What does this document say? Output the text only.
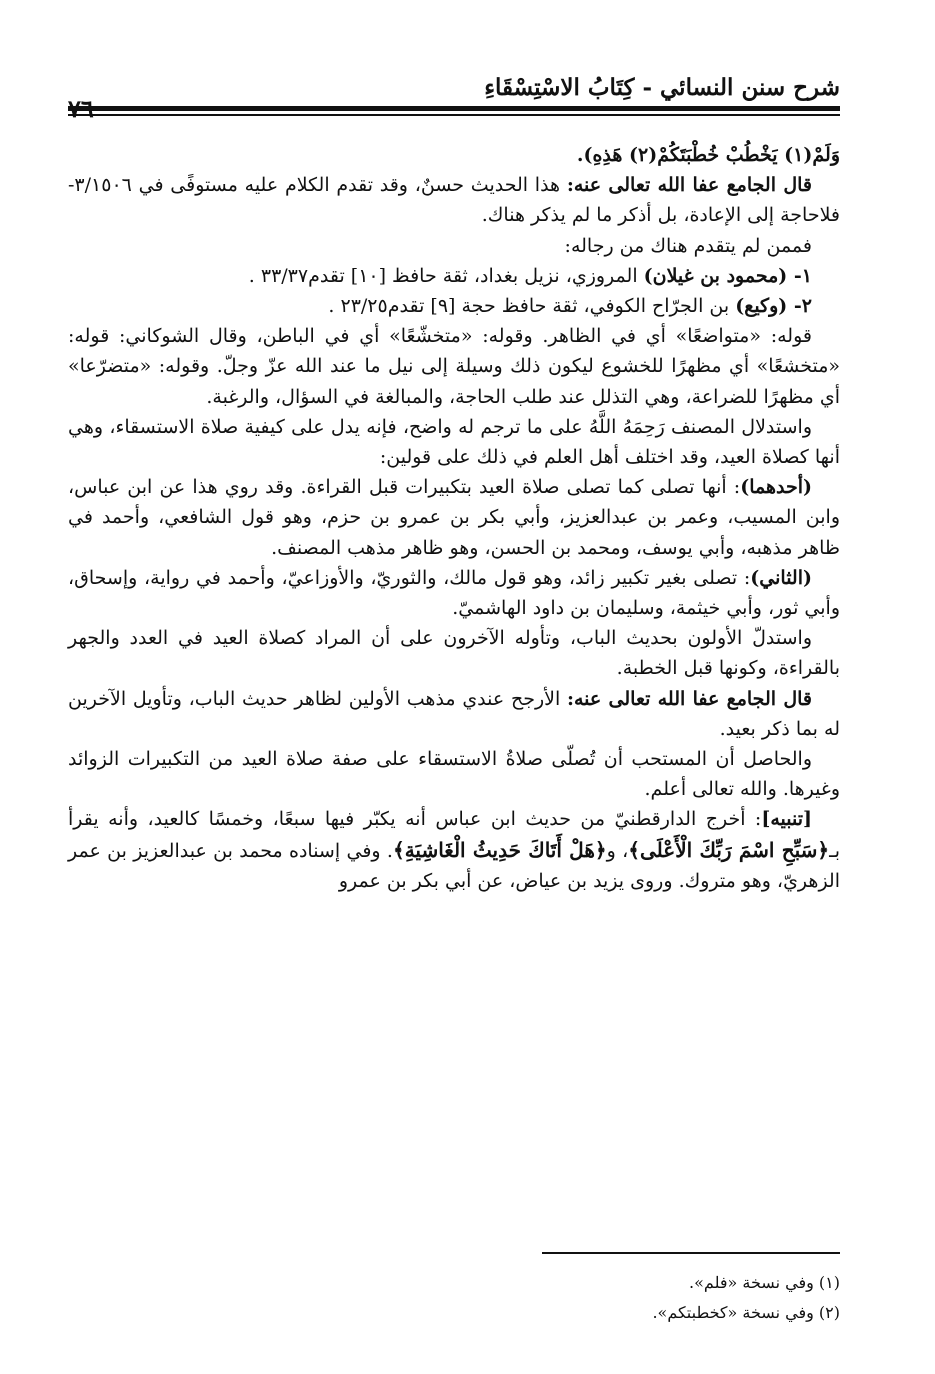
شرح سنن النسائي - كِتَابُ الاسْتِسْقَاءِ

وَلَمْ(١) يَخْطُبْ خُطْبَتَكُمْ(٢) هَذِهِ).

قال الجامع عفا الله تعالى عنه: هذا الحديث حسنٌ، وقد تقدم الكلام عليه مستوفًى في ٣/١٥٠٦- فلاحاجة إلى الإعادة، بل أذكر ما لم يذكر هناك.

فممن لم يتقدم هناك من رجاله:

١- (محمود بن غيلان) المروزي، نزيل بغداد، ثقة حافظ [١٠] تقدم٣٣/٣٧ .

٢- (وكيع) بن الجرّاح الكوفي، ثقة حافظ حجة [٩] تقدم٢٣/٢٥ .

قوله: «متواضعًا» أي في الظاهر. وقوله: «متخشّعًا» أي في الباطن، وقال الشوكاني: قوله: «متخشعًا» أي مظهرًا للخشوع ليكون ذلك وسيلة إلى نيل ما عند الله عزّ وجلّ. وقوله: «متضرّعا» أي مظهرًا للضراعة، وهي التذلل عند طلب الحاجة، والمبالغة في السؤال، والرغبة.

واستدلال المصنف رَحِمَهُ اللَّهُ على ما ترجم له واضح، فإنه يدل على كيفية صلاة الاستسقاء، وهي أنها كصلاة العيد، وقد اختلف أهل العلم في ذلك على قولين:

(أحدهما): أنها تصلى كما تصلى صلاة العيد بتكبيرات قبل القراءة. وقد روي هذا عن ابن عباس، وابن المسيب، وعمر بن عبدالعزيز، وأبي بكر بن عمرو بن حزم، وهو قول الشافعي، وأحمد في ظاهر مذهبه، وأبي يوسف، ومحمد بن الحسن، وهو ظاهر مذهب المصنف.

(الثاني): تصلى بغير تكبير زائد، وهو قول مالك، والثوريّ، والأوزاعيّ، وأحمد في رواية، وإسحاق، وأبي ثور، وأبي خيثمة، وسليمان بن داود الهاشميّ.

واستدلّ الأولون بحديث الباب، وتأوله الآخرون على أن المراد كصلاة العيد في العدد والجهر بالقراءة، وكونها قبل الخطبة.

قال الجامع عفا الله تعالى عنه: الأرجح عندي مذهب الأولين لظاهر حديث الباب، وتأويل الآخرين له بما ذكر بعيد.

والحاصل أن المستحب أن تُصلّى صلاةُ الاستسقاء على صفة صلاة العيد من التكبيرات الزوائد وغيرها. والله تعالى أعلم.

[تنبيه]: أخرج الدارقطنيّ من حديث ابن عباس أنه يكبّر فيها سبعًا، وخمسًا كالعيد، وأنه يقرأ بـ﴿سَبِّحِ اسْمَ رَبِّكَ الْأَعْلَى﴾، و﴿هَلْ أَتَاكَ حَدِيثُ الْغَاشِيَةِ﴾. وفي إسناده محمد بن عبدالعزيز بن عمر الزهريّ، وهو متروك. وروى يزيد بن عياض، عن أبي بكر بن عمرو

(١) وفي نسخة «فلم».

(٢) وفي نسخة «كخطبتكم».
